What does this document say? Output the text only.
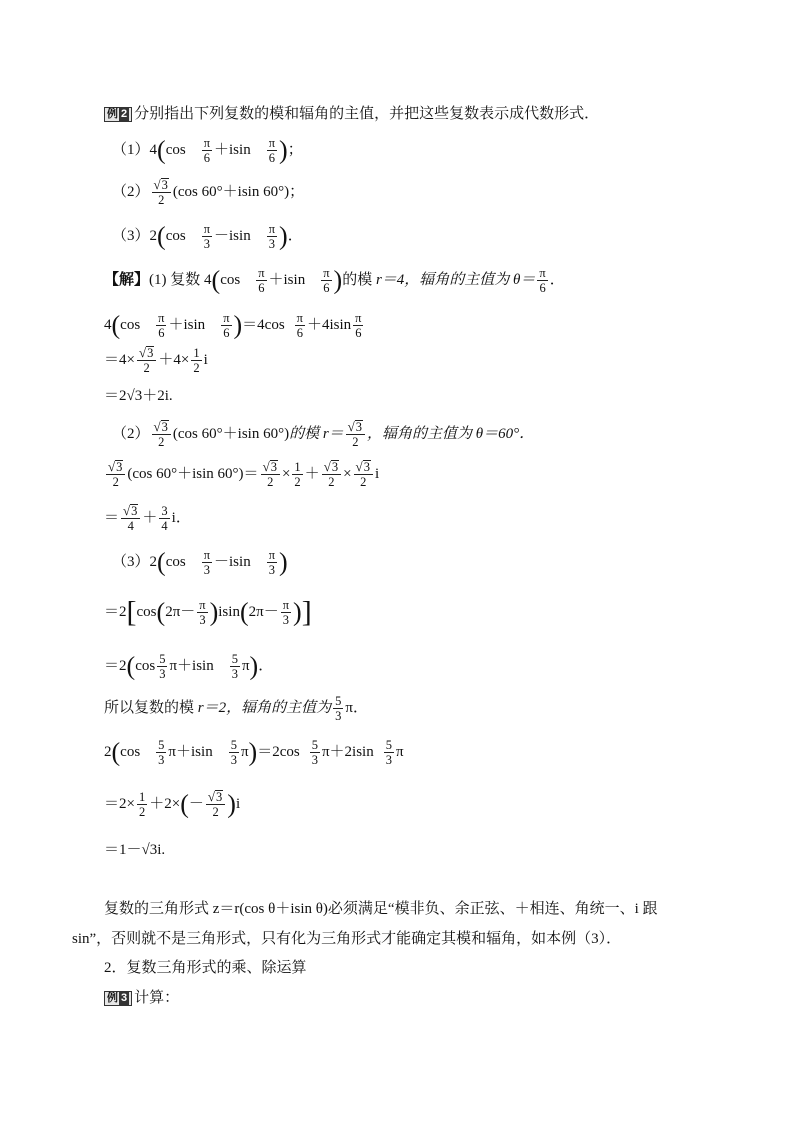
例 2 分别指出下列复数的模和辐角的主值，并把这些复数表示成代数形式．
$(1)4(\cos \frac{\pi}{6} +isin \frac{\pi}{6}$ )；
$(2) \frac{√3}{2} (\cos$ 60°＋isin 60°)；
$(3)2(\cos \frac{\pi}{3} -isin \frac{\pi}{3}$ )．
【解】(1) 复数 $4(\cos \frac{\pi}{6} +isin \frac{\pi}{6}$ )的模 r＝4，辐角的主值为 $\theta= \frac{\pi}{6}$ ．
$4(\cos \frac{\pi}{6} +isin \frac{\pi}{6} )=4\cos \frac{\pi}{6} +4isin \frac{\pi}{6}$
$=4\times \frac{√3}{2} +4\times \frac{1}{2}$ i
＝2√3＋2i.
$(2) \frac{√3}{2} (\cos$ 60°＋isin 60°)的模 $r= \frac{√3}{2}$ ，辐角的主值为 θ＝60°．
$\frac{√3}{2} (\cos$ 60°＋isin $60^\circ)= \frac{√3}{2} \times \frac{1}{2} + \frac{√3}{2} \times \frac{√3}{2}$ i
＝ $\frac{√3}{4} + \frac{3}{4}$ i．
$(3)2(\cos \frac{\pi}{3} -isin \frac{\pi}{3}$ )
$=2[\cos(2\pi- \frac{\pi}{3} )isin(2\pi- \frac{\pi}{3}$ )]
$=2(\cos \frac{5}{3} \pi+isin \frac{5}{3} \pi)$．
所以复数的模 r＝2，辐角的主值为 $\frac{5}{3}$ π．
$2(\cos \frac{5}{3} \pi+isin \frac{5}{3} \pi)=2\cos \frac{5}{3} \pi+2isin \frac{5}{3}$ π
$=2\times \frac{1}{2} +2\times(- \frac{√3}{2} )i$
＝1－√3i.
复数的三角形式 z＝r(cos θ＋isin θ)必须满足“模非负、余正弦、＋相连、角统一、i 跟
sin”，否则就不是三角形式，只有化为三角形式才能确定其模和辐角，如本例（3）．
2．复数三角形式的乘、除运算
例 3 计算：
